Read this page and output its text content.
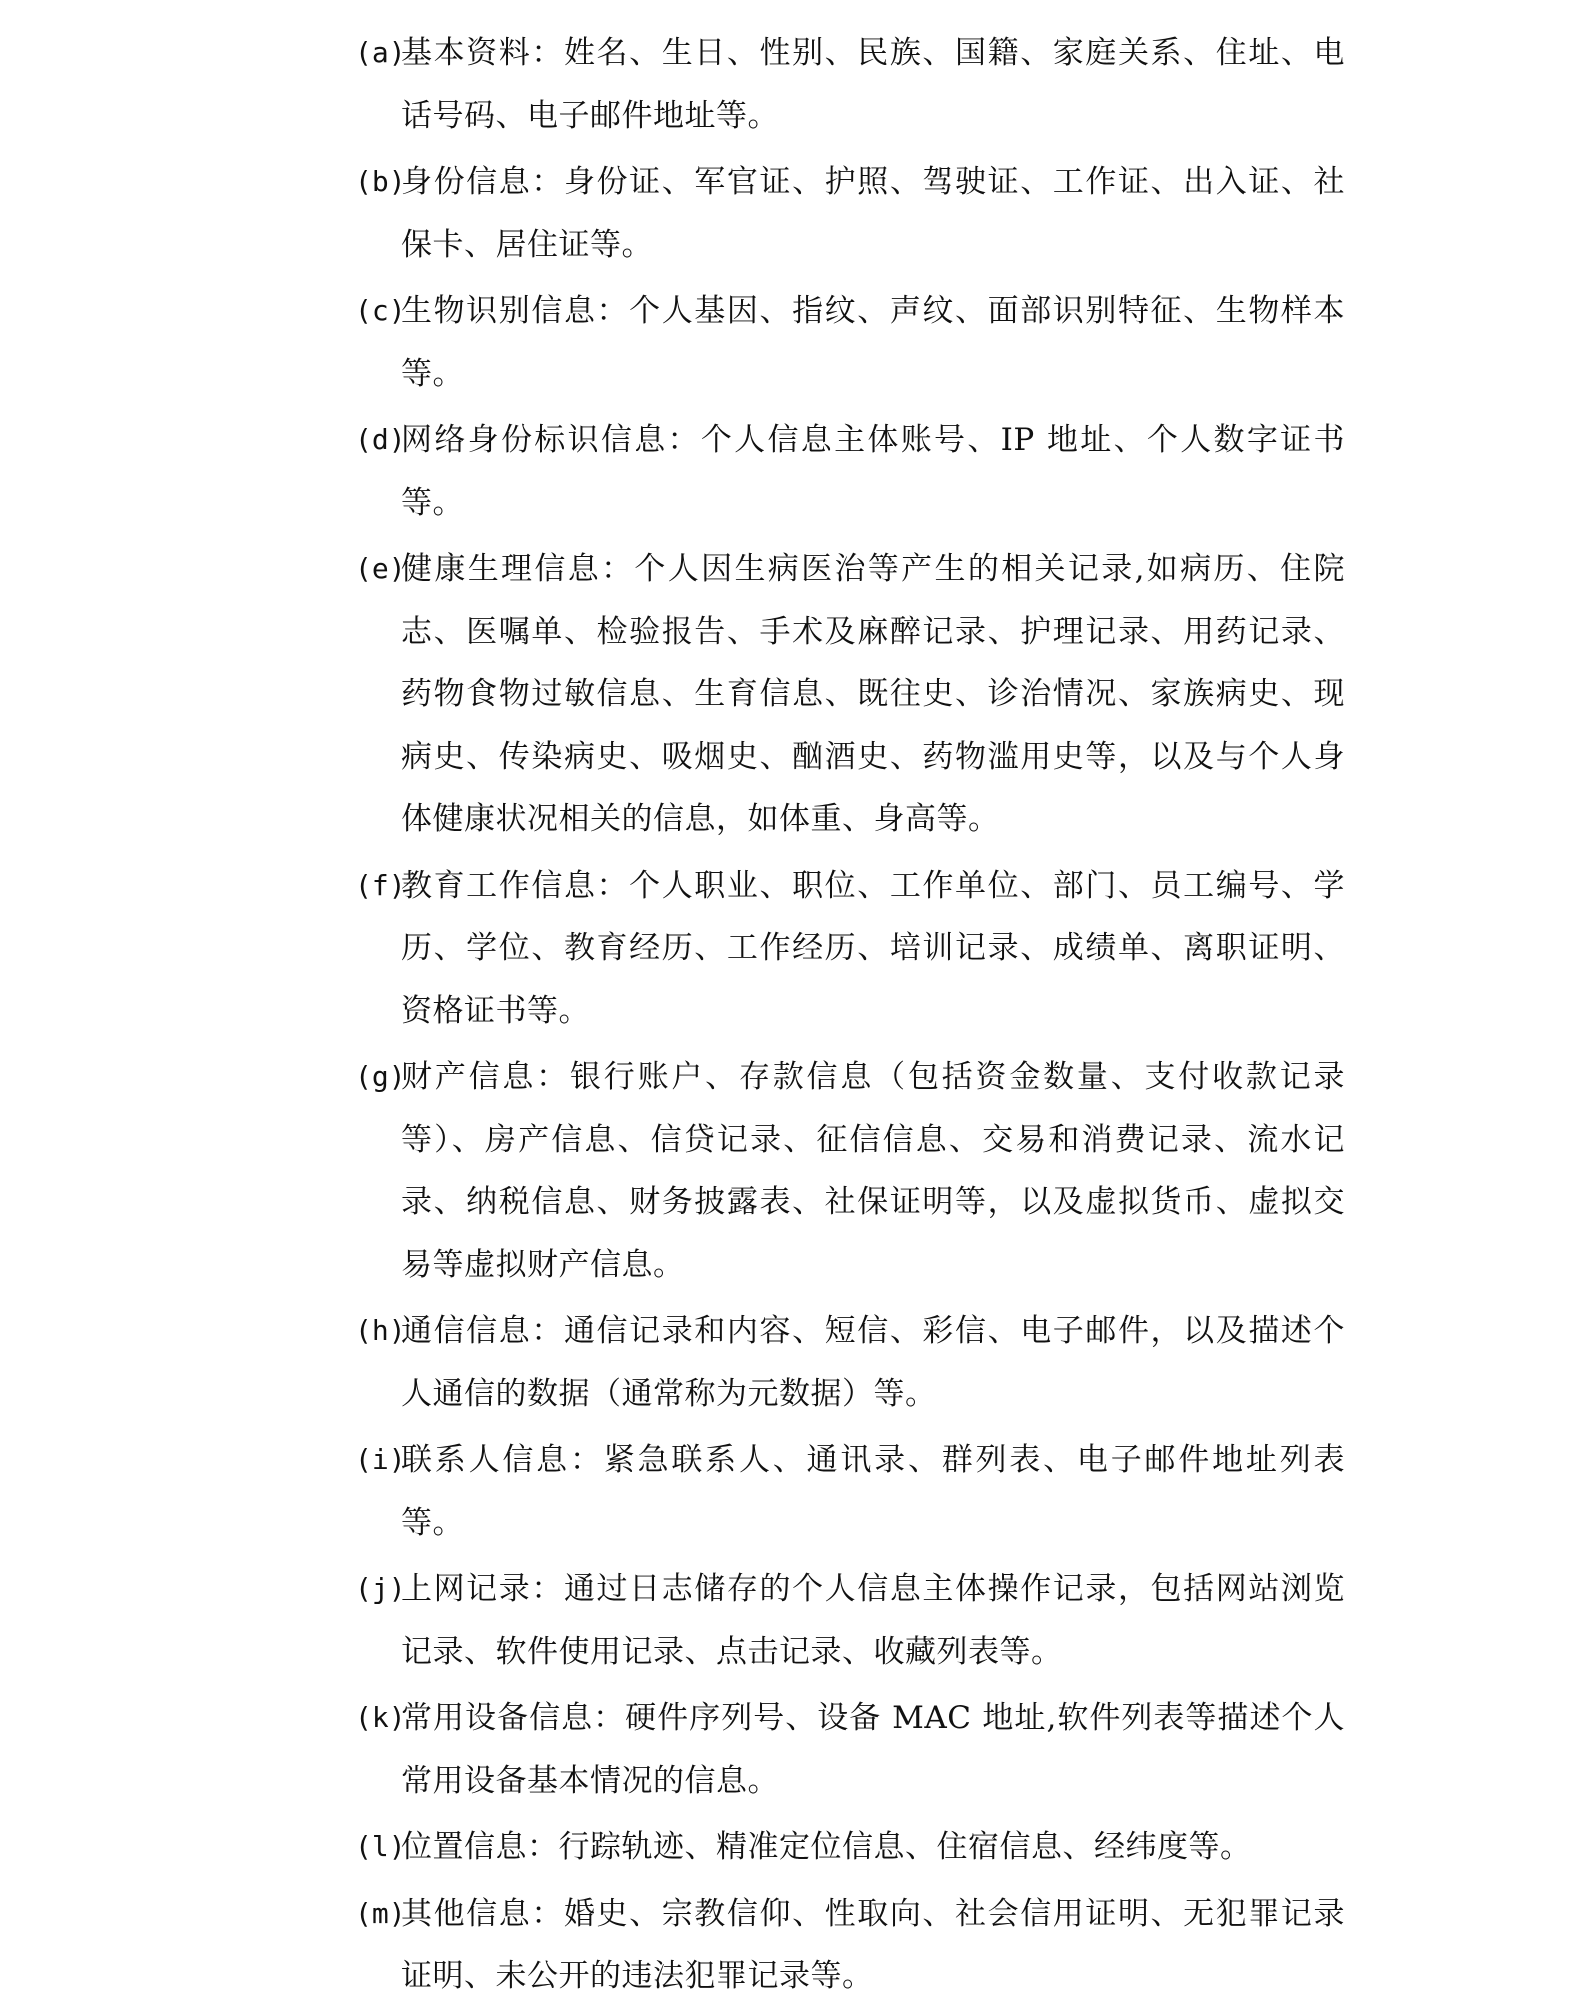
(a)
基本资料：姓名、生日、性别、民族、国籍、家庭关系、住址、电话号码、电子邮件地址等。
(b)
身份信息：身份证、军官证、护照、驾驶证、工作证、出入证、社保卡、居住证等。
(c)
生物识别信息：个人基因、指纹、声纹、面部识别特征、生物样本等。
(d)
网络身份标识信息：个人信息主体账号、IP 地址、个人数字证书等。
(e)
健康生理信息：个人因生病医治等产生的相关记录,如病历、住院志、医嘱单、检验报告、手术及麻醉记录、护理记录、用药记录、药物食物过敏信息、生育信息、既往史、诊治情况、家族病史、现病史、传染病史、吸烟史、酗酒史、药物滥用史等，以及与个人身体健康状况相关的信息，如体重、身高等。
(f)
教育工作信息：个人职业、职位、工作单位、部门、员工编号、学历、学位、教育经历、工作经历、培训记录、成绩单、离职证明、资格证书等。
(g)
财产信息：银行账户、存款信息（包括资金数量、支付收款记录等）、房产信息、信贷记录、征信信息、交易和消费记录、流水记录、纳税信息、财务披露表、社保证明等，以及虚拟货币、虚拟交易等虚拟财产信息。
(h)
通信信息：通信记录和内容、短信、彩信、电子邮件，以及描述个人通信的数据（通常称为元数据）等。
(i)
联系人信息：紧急联系人、通讯录、群列表、电子邮件地址列表等。
(j)
上网记录：通过日志储存的个人信息主体操作记录，包括网站浏览记录、软件使用记录、点击记录、收藏列表等。
(k)
常用设备信息：硬件序列号、设备 MAC 地址,软件列表等描述个人常用设备基本情况的信息。
(l)
位置信息：行踪轨迹、精准定位信息、住宿信息、经纬度等。
(m)
其他信息：婚史、宗教信仰、性取向、社会信用证明、无犯罪记录证明、未公开的违法犯罪记录等。
